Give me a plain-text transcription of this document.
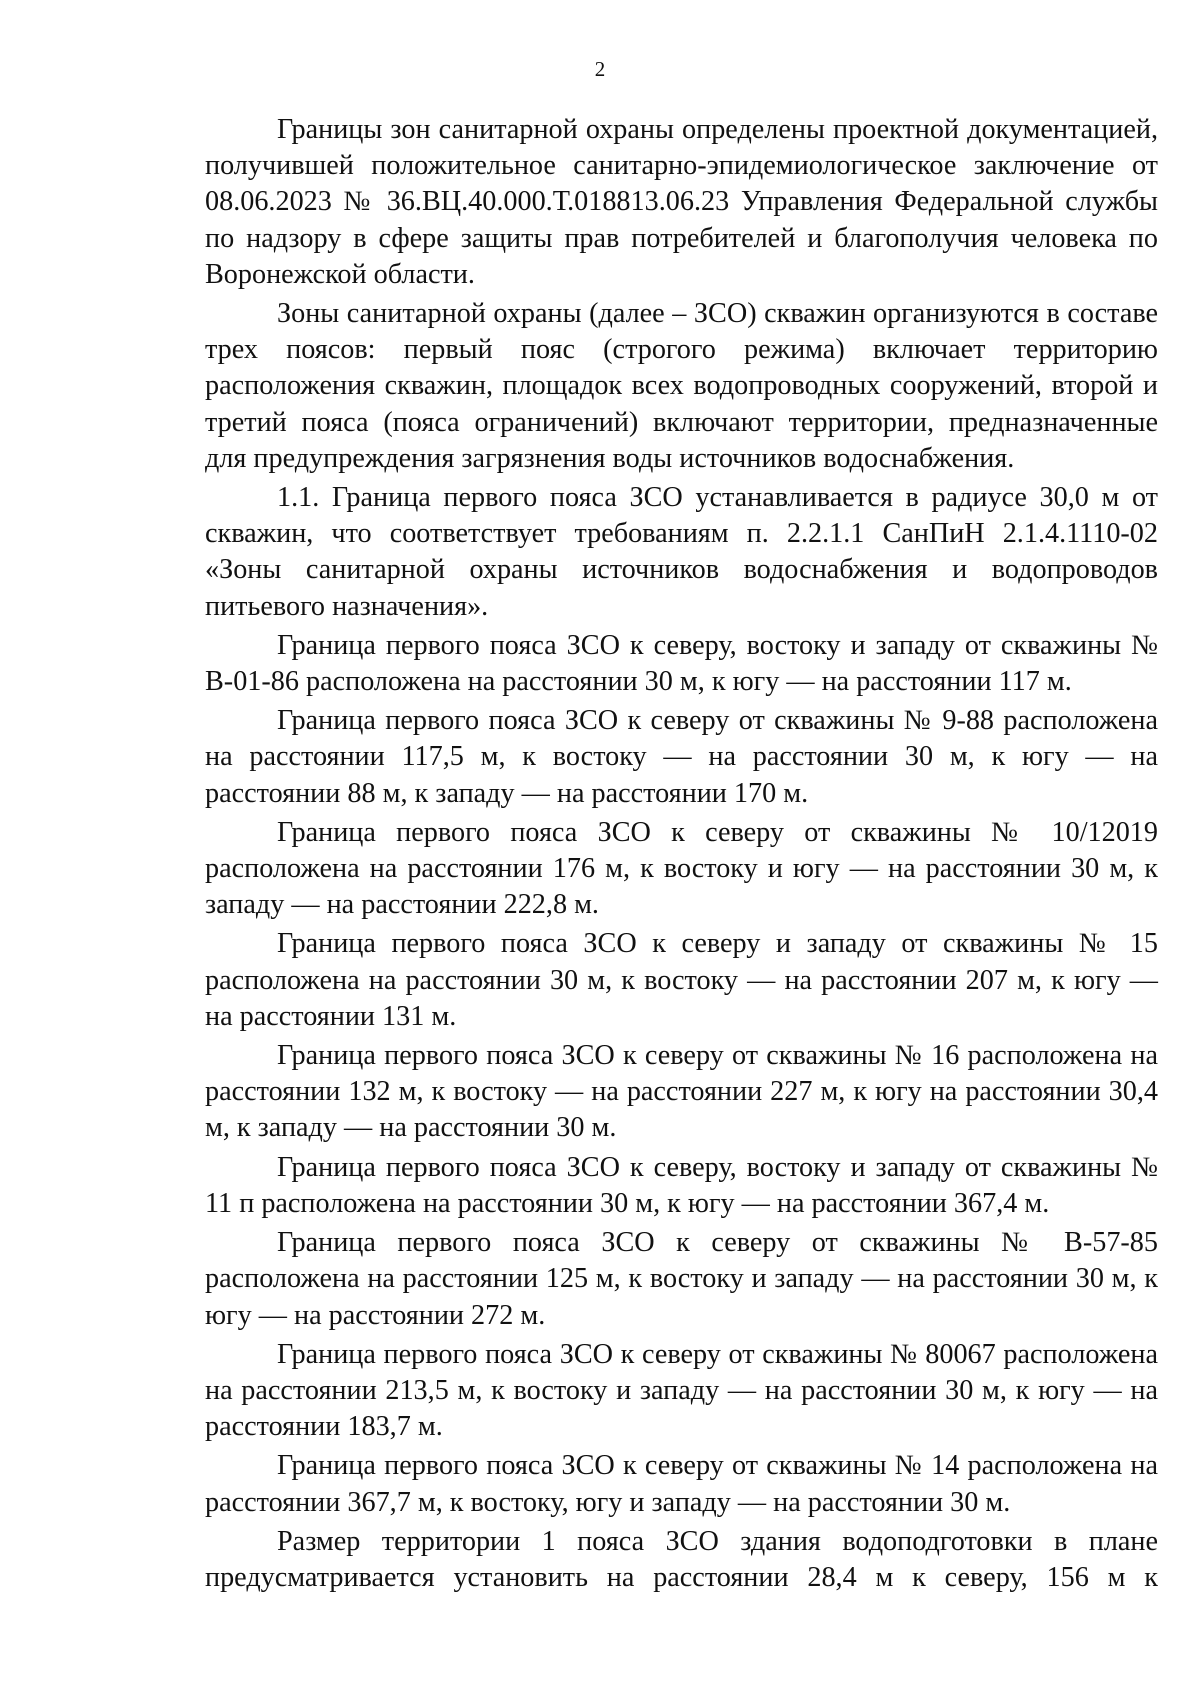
2

Границы зон санитарной охраны определены проектной документацией, получившей положительное санитарно-эпидемиологическое заключение от 08.06.2023 № 36.ВЦ.40.000.Т.018813.06.23 Управления Федеральной службы по надзору в сфере защиты прав потребителей и благополучия человека по Воронежской области.

Зоны санитарной охраны (далее – ЗСО) скважин организуются в составе трех поясов: первый пояс (строгого режима) включает территорию расположения скважин, площадок всех водопроводных сооружений, второй и третий пояса (пояса ограничений) включают территории, предназначенные для предупреждения загрязнения воды источников водоснабжения.

1.1. Граница первого пояса ЗСО устанавливается в радиусе 30,0 м от скважин, что соответствует требованиям п. 2.2.1.1 СанПиН 2.1.4.1110-02 «Зоны санитарной охраны источников водоснабжения и водопроводов питьевого назначения».

Граница первого пояса ЗСО к северу, востоку и западу от скважины № В-01-86 расположена на расстоянии 30 м, к югу — на расстоянии 117 м.

Граница первого пояса ЗСО к северу от скважины № 9-88 расположена на расстоянии 117,5 м, к востоку — на расстоянии 30 м, к югу — на расстоянии 88 м, к западу — на расстоянии 170 м.

Граница первого пояса ЗСО к северу от скважины № 10/12019 расположена на расстоянии 176 м, к востоку и югу — на расстоянии 30 м, к западу — на расстоянии 222,8 м.

Граница первого пояса ЗСО к северу и западу от скважины № 15 расположена на расстоянии 30 м, к востоку — на расстоянии 207 м, к югу — на расстоянии 131 м.

Граница первого пояса ЗСО к северу от скважины № 16 расположена на расстоянии 132 м, к востоку — на расстоянии 227 м, к югу на расстоянии 30,4 м, к западу — на расстоянии 30 м.

Граница первого пояса ЗСО к северу, востоку и западу от скважины № 11 п расположена на расстоянии 30 м, к югу — на расстоянии 367,4 м.

Граница первого пояса ЗСО к северу от скважины № В-57-85 расположена на расстоянии 125 м, к востоку и западу — на расстоянии 30 м, к югу — на расстоянии 272 м.

Граница первого пояса ЗСО к северу от скважины № 80067 расположена на расстоянии 213,5 м, к востоку и западу — на расстоянии 30 м, к югу — на расстоянии 183,7 м.

Граница первого пояса ЗСО к северу от скважины № 14 расположена на расстоянии 367,7 м, к востоку, югу и западу — на расстоянии 30 м.

Размер территории 1 пояса ЗСО здания водоподготовки в плане предусматривается установить на расстоянии 28,4 м к северу, 156 м к
